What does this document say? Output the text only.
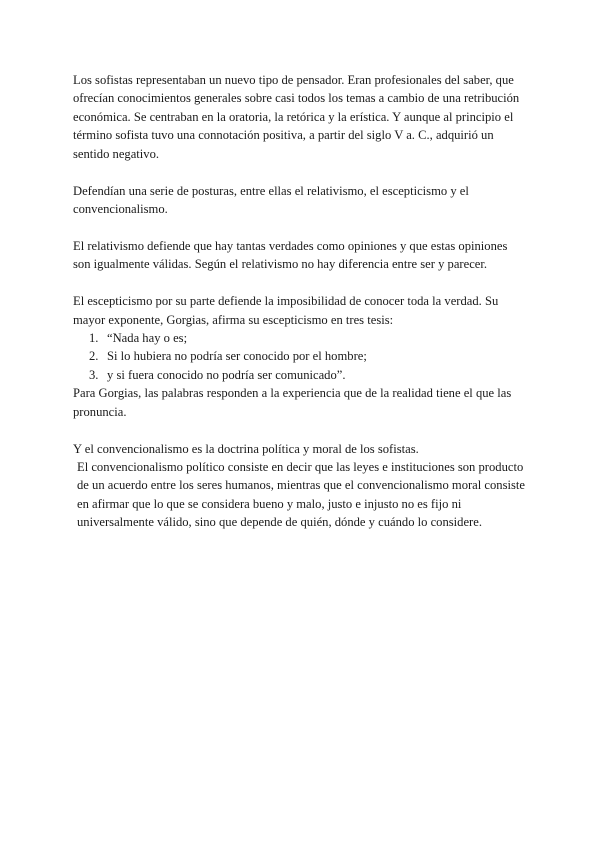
Los sofistas representaban un nuevo tipo de pensador. Eran profesionales del saber, que ofrecían conocimientos generales sobre casi todos los temas a cambio de una retribución económica. Se centraban en la oratoria, la retórica y la erística. Y aunque al principio el término sofista tuvo una connotación positiva, a partir del siglo V a. C., adquirió un sentido negativo.

Defendían una serie de posturas, entre ellas el relativismo, el escepticismo y el convencionalismo.

El relativismo defiende que hay tantas verdades como opiniones y que estas opiniones son igualmente válidas. Según el relativismo no hay diferencia entre ser y parecer.

El escepticismo por su parte defiende la imposibilidad de conocer toda la verdad. Su mayor exponente, Gorgias, afirma su escepticismo en tres tesis:

1. “Nada hay o es;
2. Si lo hubiera no podría ser conocido por el hombre;
3. y si fuera conocido no podría ser comunicado”.

Para Gorgias, las palabras responden a la experiencia que de la realidad tiene el que las pronuncia.

Y el convencionalismo es la doctrina política y moral de los sofistas.

El convencionalismo político consiste en decir que las leyes e instituciones son producto de un acuerdo entre los seres humanos, mientras que el convencionalismo moral consiste en afirmar que lo que se considera bueno y malo, justo e injusto no es fijo ni universalmente válido, sino que depende de quién, dónde y cuándo lo considere.
